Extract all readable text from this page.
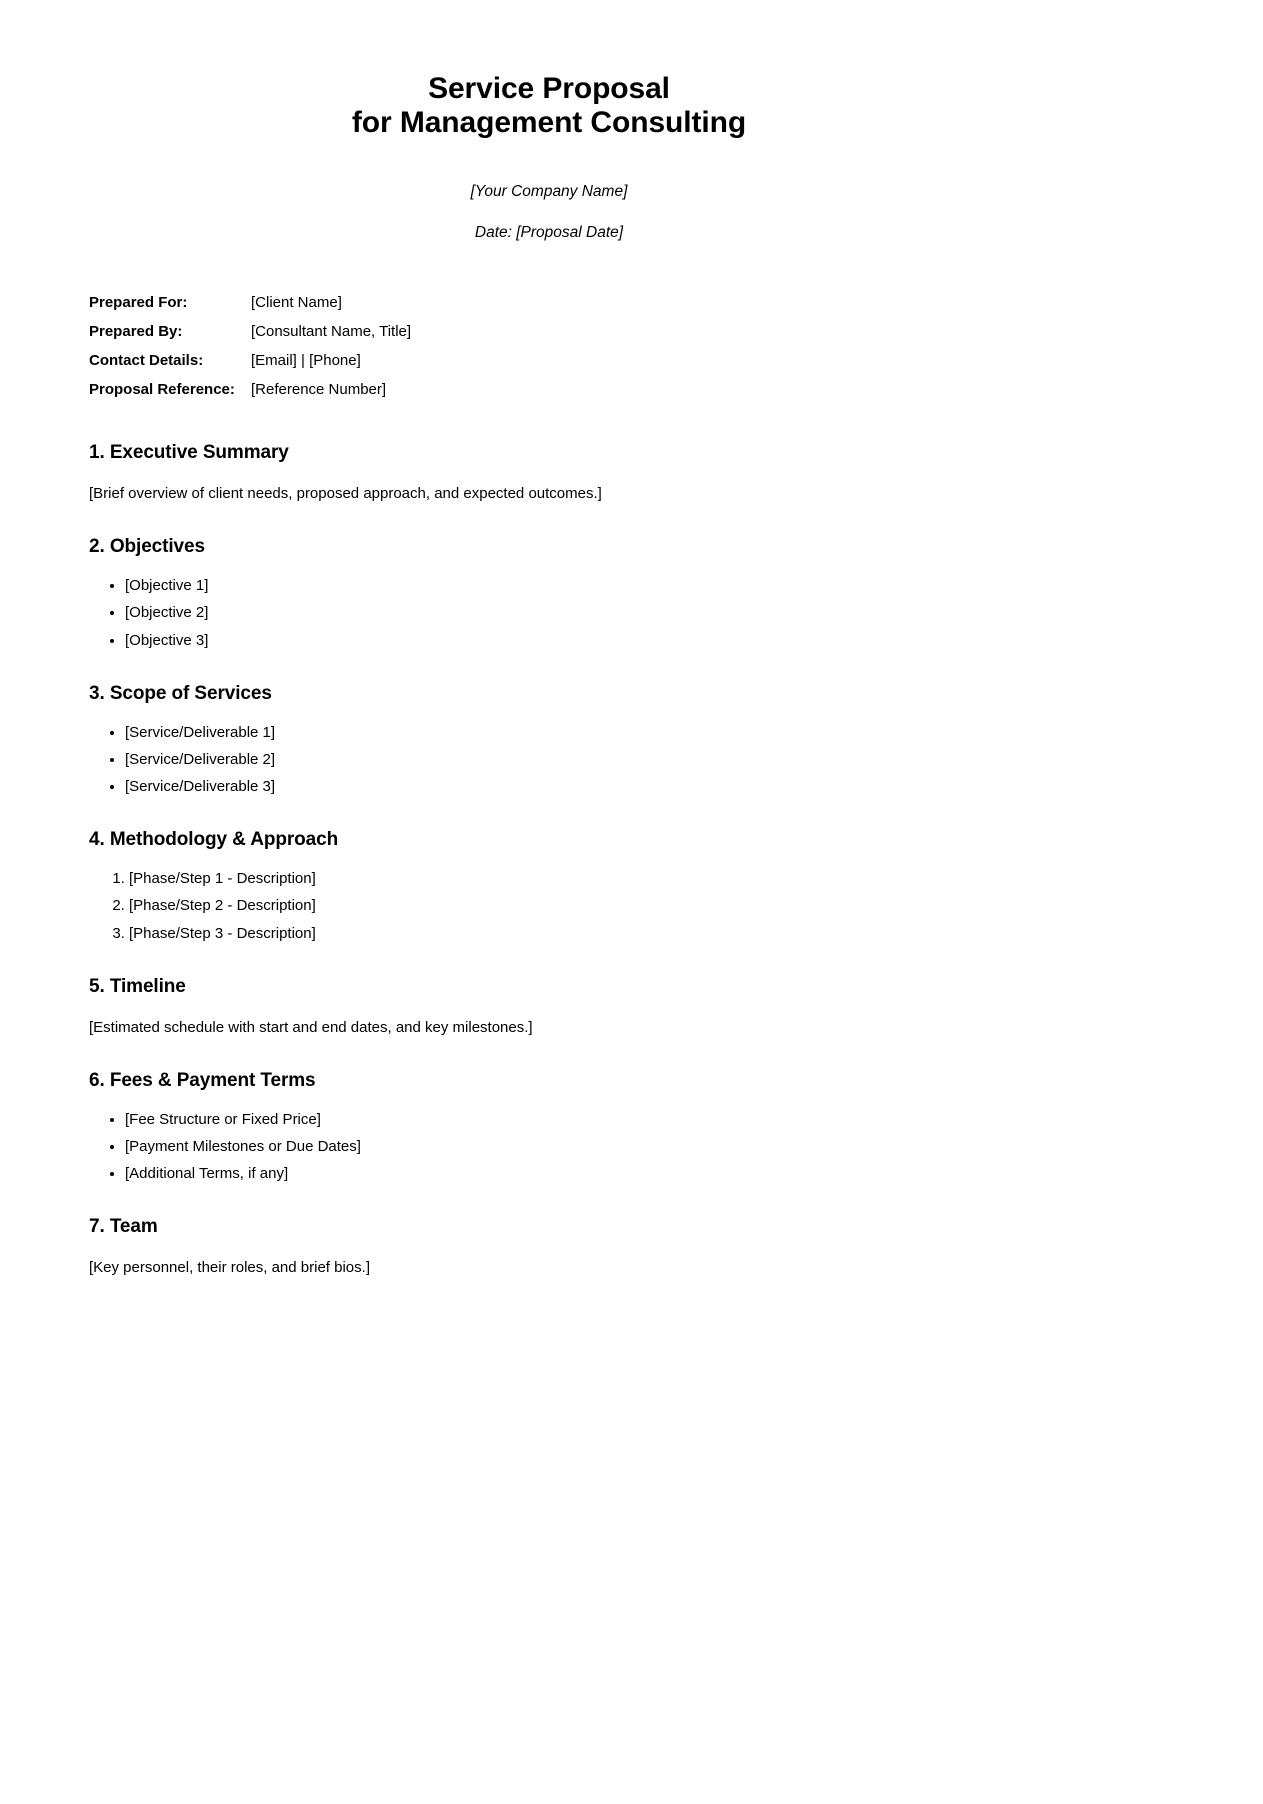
Service Proposal
for Management Consulting
[Your Company Name]
Date: [Proposal Date]
Prepared For:	[Client Name]
Prepared By:	[Consultant Name, Title]
Contact Details:	[Email] | [Phone]
Proposal Reference:	[Reference Number]
1. Executive Summary

[Brief overview of client needs, proposed approach, and expected outcomes.]

2. Objectives
• [Objective 1]
• [Objective 2]
• [Objective 3]
3. Scope of Services
• [Service/Deliverable 1]
• [Service/Deliverable 2]
• [Service/Deliverable 3]
4. Methodology & Approach
1. [Phase/Step 1 - Description]
2. [Phase/Step 2 - Description]
3. [Phase/Step 3 - Description]
5. Timeline

[Estimated schedule with start and end dates, and key milestones.]

6. Fees & Payment Terms
• [Fee Structure or Fixed Price]
• [Payment Milestones or Due Dates]
• [Additional Terms, if any]
7. Team

[Key personnel, their roles, and brief bios.]
